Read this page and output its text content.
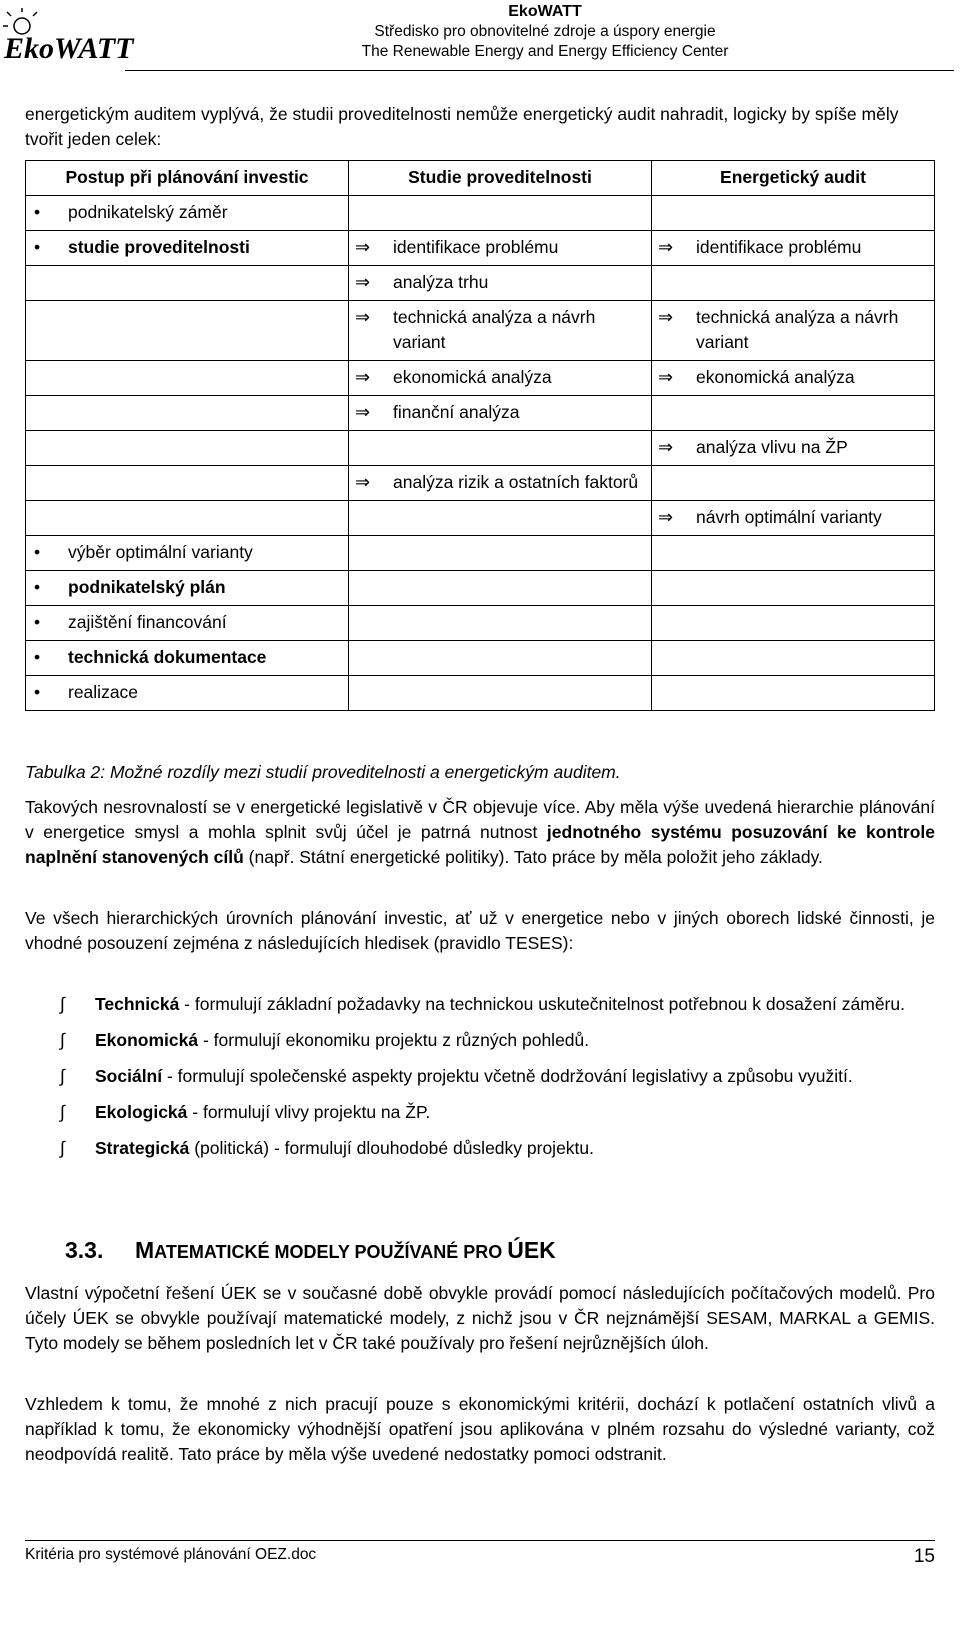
EkoWATT
EkoWATT
Středisko pro obnovitelné zdroje a úspory energie
The Renewable Energy and Energy Efficiency Center
energetickým auditem vyplývá, že studii proveditelnosti nemůže energetický audit nahradit, logicky by spíše měly tvořit jeden celek:
Postup při plánování investic	Studie proveditelnosti	Energetický audit

• podnikatelský záměr		

• studie proveditelnosti	⇒ identifikace problému	⇒ identifikace problému

	⇒ analýza trhu	

	⇒ technická analýza a návrh variant	⇒ technická analýza a návrh variant

	⇒ ekonomická analýza	⇒ ekonomická analýza

	⇒ finanční analýza	

		⇒ analýza vlivu na ŽP

	⇒ analýza rizik a ostatních faktorů	

		⇒ návrh optimální varianty

• výběr optimální varianty		

• podnikatelský plán		

• zajištění financování		

• technická dokumentace		

• realizace		

Tabulka 2: Možné rozdíly mezi studií proveditelnosti a energetickým auditem.
Takových nesrovnalostí se v energetické legislativě v ČR objevuje více. Aby měla výše uvedená hierarchie plánování v energetice smysl a mohla splnit svůj účel je patrná nutnost jednotného systému posuzování ke kontrole naplnění stanovených cílů (např. Státní energetické politiky). Tato práce by měla položit jeho základy.
Ve všech hierarchických úrovních plánování investic, ať už v energetice nebo v jiných oborech lidské činnosti, je vhodné posouzení zejména z následujících hledisek (pravidlo TESES):
∫	Technická - formulují základní požadavky na technickou uskutečnitelnost potřebnou k dosažení záměru.
∫	Ekonomická - formulují ekonomiku projektu z různých pohledů.
∫	Sociální - formulují společenské aspekty projektu včetně dodržování legislativy a způsobu využití.
∫	Ekologická - formulují vlivy projektu na ŽP.
∫	Strategická (politická) - formulují dlouhodobé důsledky projektu.
3.3. MATEMATICKÉ MODELY POUŽÍVANÉ PRO ÚEK
Vlastní výpočetní řešení ÚEK se v současné době obvykle provádí pomocí následujících počítačových modelů. Pro účely ÚEK se obvykle používají matematické modely, z nichž jsou v ČR nejznámější SESAM, MARKAL a GEMIS. Tyto modely se během posledních let v ČR také používaly pro řešení nejrůznějších úloh.
Vzhledem k tomu, že mnohé z nich pracují pouze s ekonomickými kritérii, dochází k potlačení ostatních vlivů a například k tomu, že ekonomicky výhodnější opatření jsou aplikována v plném rozsahu do výsledné varianty, což neodpovídá realitě. Tato práce by měla výše uvedené nedostatky pomoci odstranit.
Kritéria pro systémové plánování OEZ.doc	15
